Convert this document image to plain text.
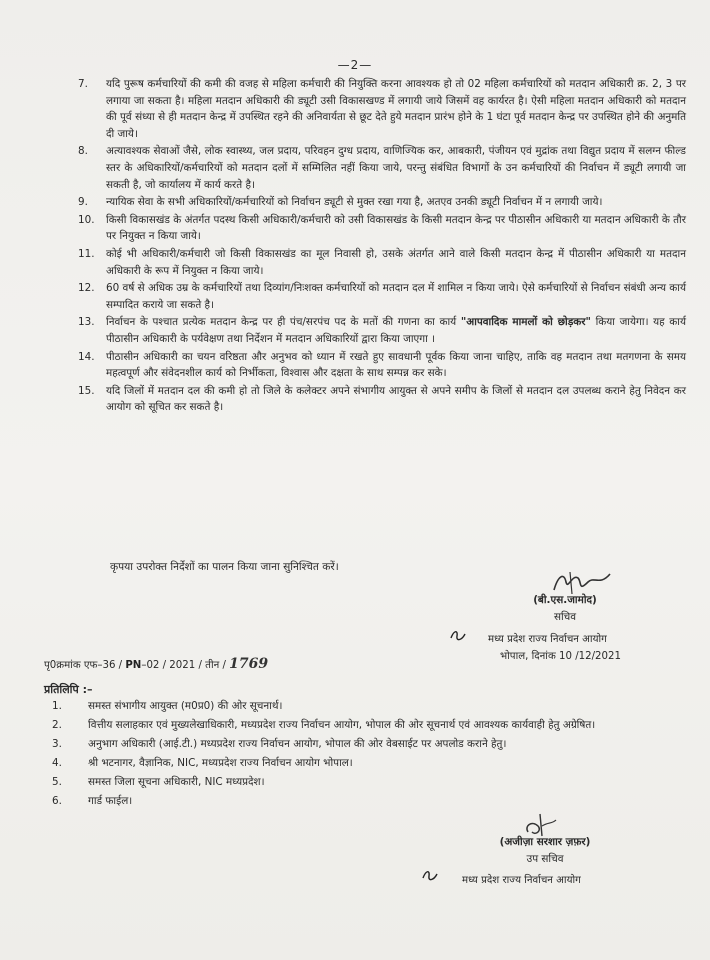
—2—
7. यदि पुरूष कर्मचारियों की कमी की वजह से महिला कर्मचारी की नियुक्ति करना आवश्यक हो तो 02 महिला कर्मचारियों को मतदान अधिकारी क्र. 2, 3 पर लगाया जा सकता है। महिला मतदान अधिकारी की ड्यूटी उसी विकासखण्ड में लगायी जाये जिसमें वह कार्यरत है। ऐसी महिला मतदान अधिकारी को मतदान की पूर्व संध्या से ही मतदान केन्द्र में उपस्थित रहने की अनिवार्यता से छूट देते हुये मतदान प्रारंभ होने के 1 घंटा पूर्व मतदान केन्द्र पर उपस्थित होने की अनुमति दी जाये।
8. अत्यावश्यक सेवाओं जैसे, लोक स्वास्थ्य, जल प्रदाय, परिवहन दुग्ध प्रदाय, वाणिज्यिक कर, आबकारी, पंजीयन एवं मुद्रांक तथा विद्युत प्रदाय में सलग्न फील्ड स्तर के अधिकारियों/कर्मचारियों को मतदान दलों में सम्मिलित नहीं किया जाये, परन्तु संबंधित विभागों के उन कर्मचारियों की निर्वाचन में ड्यूटी लगायी जा सकती है, जो कार्यालय में कार्य करते है।
9. न्यायिक सेवा के सभी अधिकारियों/कर्मचारियों को निर्वाचन ड्यूटी से मुक्त रखा गया है, अतएव उनकी ड्यूटी निर्वाचन में न लगायी जाये।
10. किसी विकासखंड के अंतर्गत पदस्थ किसी अधिकारी/कर्मचारी को उसी विकासखंड के किसी मतदान केन्द्र पर पीठासीन अधिकारी या मतदान अधिकारी के तौर पर नियुक्त न किया जाये।
11. कोई भी अधिकारी/कर्मचारी जो किसी विकासखंड का मूल निवासी हो, उसके अंतर्गत आने वाले किसी मतदान केन्द्र में पीठासीन अधिकारी या मतदान अधिकारी के रूप में नियुक्त न किया जाये।
12. 60 वर्ष से अधिक उम्र के कर्मचारियों तथा दिव्यांग/निःशक्त कर्मचारियों को मतदान दल में शामिल न किया जाये। ऐसे कर्मचारियों से निर्वाचन संबंधी अन्य कार्य सम्पादित कराये जा सकते है।
13. निर्वाचन के पश्चात प्रत्येक मतदान केन्द्र पर ही पंच/सरपंच पद के मतों की गणना का कार्य "आपवादिक मामलों को छोड़कर" किया जायेगा। यह कार्य पीठासीन अधिकारी के पर्यवेक्षण तथा निर्देशन में मतदान अधिकारियों द्वारा किया जाएगा ।
14. पीठासीन अधिकारी का चयन वरिष्ठता और अनुभव को ध्यान में रखते हुए सावधानी पूर्वक किया जाना चाहिए, ताकि वह मतदान तथा मतगणना के समय महत्वपूर्ण और संवेदनशील कार्य को निर्भीकता, विश्वास और दक्षता के साथ सम्पन्न कर सके।
15. यदि जिलों में मतदान दल की कमी हो तो जिले के कलेक्टर अपने संभागीय आयुक्त से अपने समीप के जिलों से मतदान दल उपलब्ध कराने हेतु निवेदन कर आयोग को सूचित कर सकते है।
कृपया उपरोक्त निर्देशों का पालन किया जाना सुनिश्चित करें।
(बी.एस.जामोद)
सचिव
मध्य प्रदेश राज्य निर्वाचन आयोग
भोपाल, दिनांक 10 /12/2021
पृ0क्रमांक एफ–36 / PN–02 / 2021 / तीन / 1769
प्रतिलिपि :–
1.	समस्त संभागीय आयुक्त (म0प्र0) की ओर सूचनार्थ।
2.	वित्तीय सलाहकार एवं मुख्यलेखाधिकारी, मध्यप्रदेश राज्य निर्वाचन आयोग, भोपाल की ओर सूचनार्थ एवं आवश्यक कार्यवाही हेतु अग्रेषित।
3.	अनुभाग अधिकारी (आई.टी.) मध्यप्रदेश राज्य निर्वाचन आयोग, भोपाल की ओर वेबसाईट पर अपलोड कराने हेतु।
4.	श्री भटनागर, वैज्ञानिक, NIC, मध्यप्रदेश राज्य निर्वाचन आयोग भोपाल।
5.	समस्त जिला सूचना अधिकारी, NIC मध्यप्रदेश।
6.	गार्ड फाईल।
(अजीज़ा सरशार ज़फ़र)
उप सचिव
मध्य प्रदेश राज्य निर्वाचन आयोग
